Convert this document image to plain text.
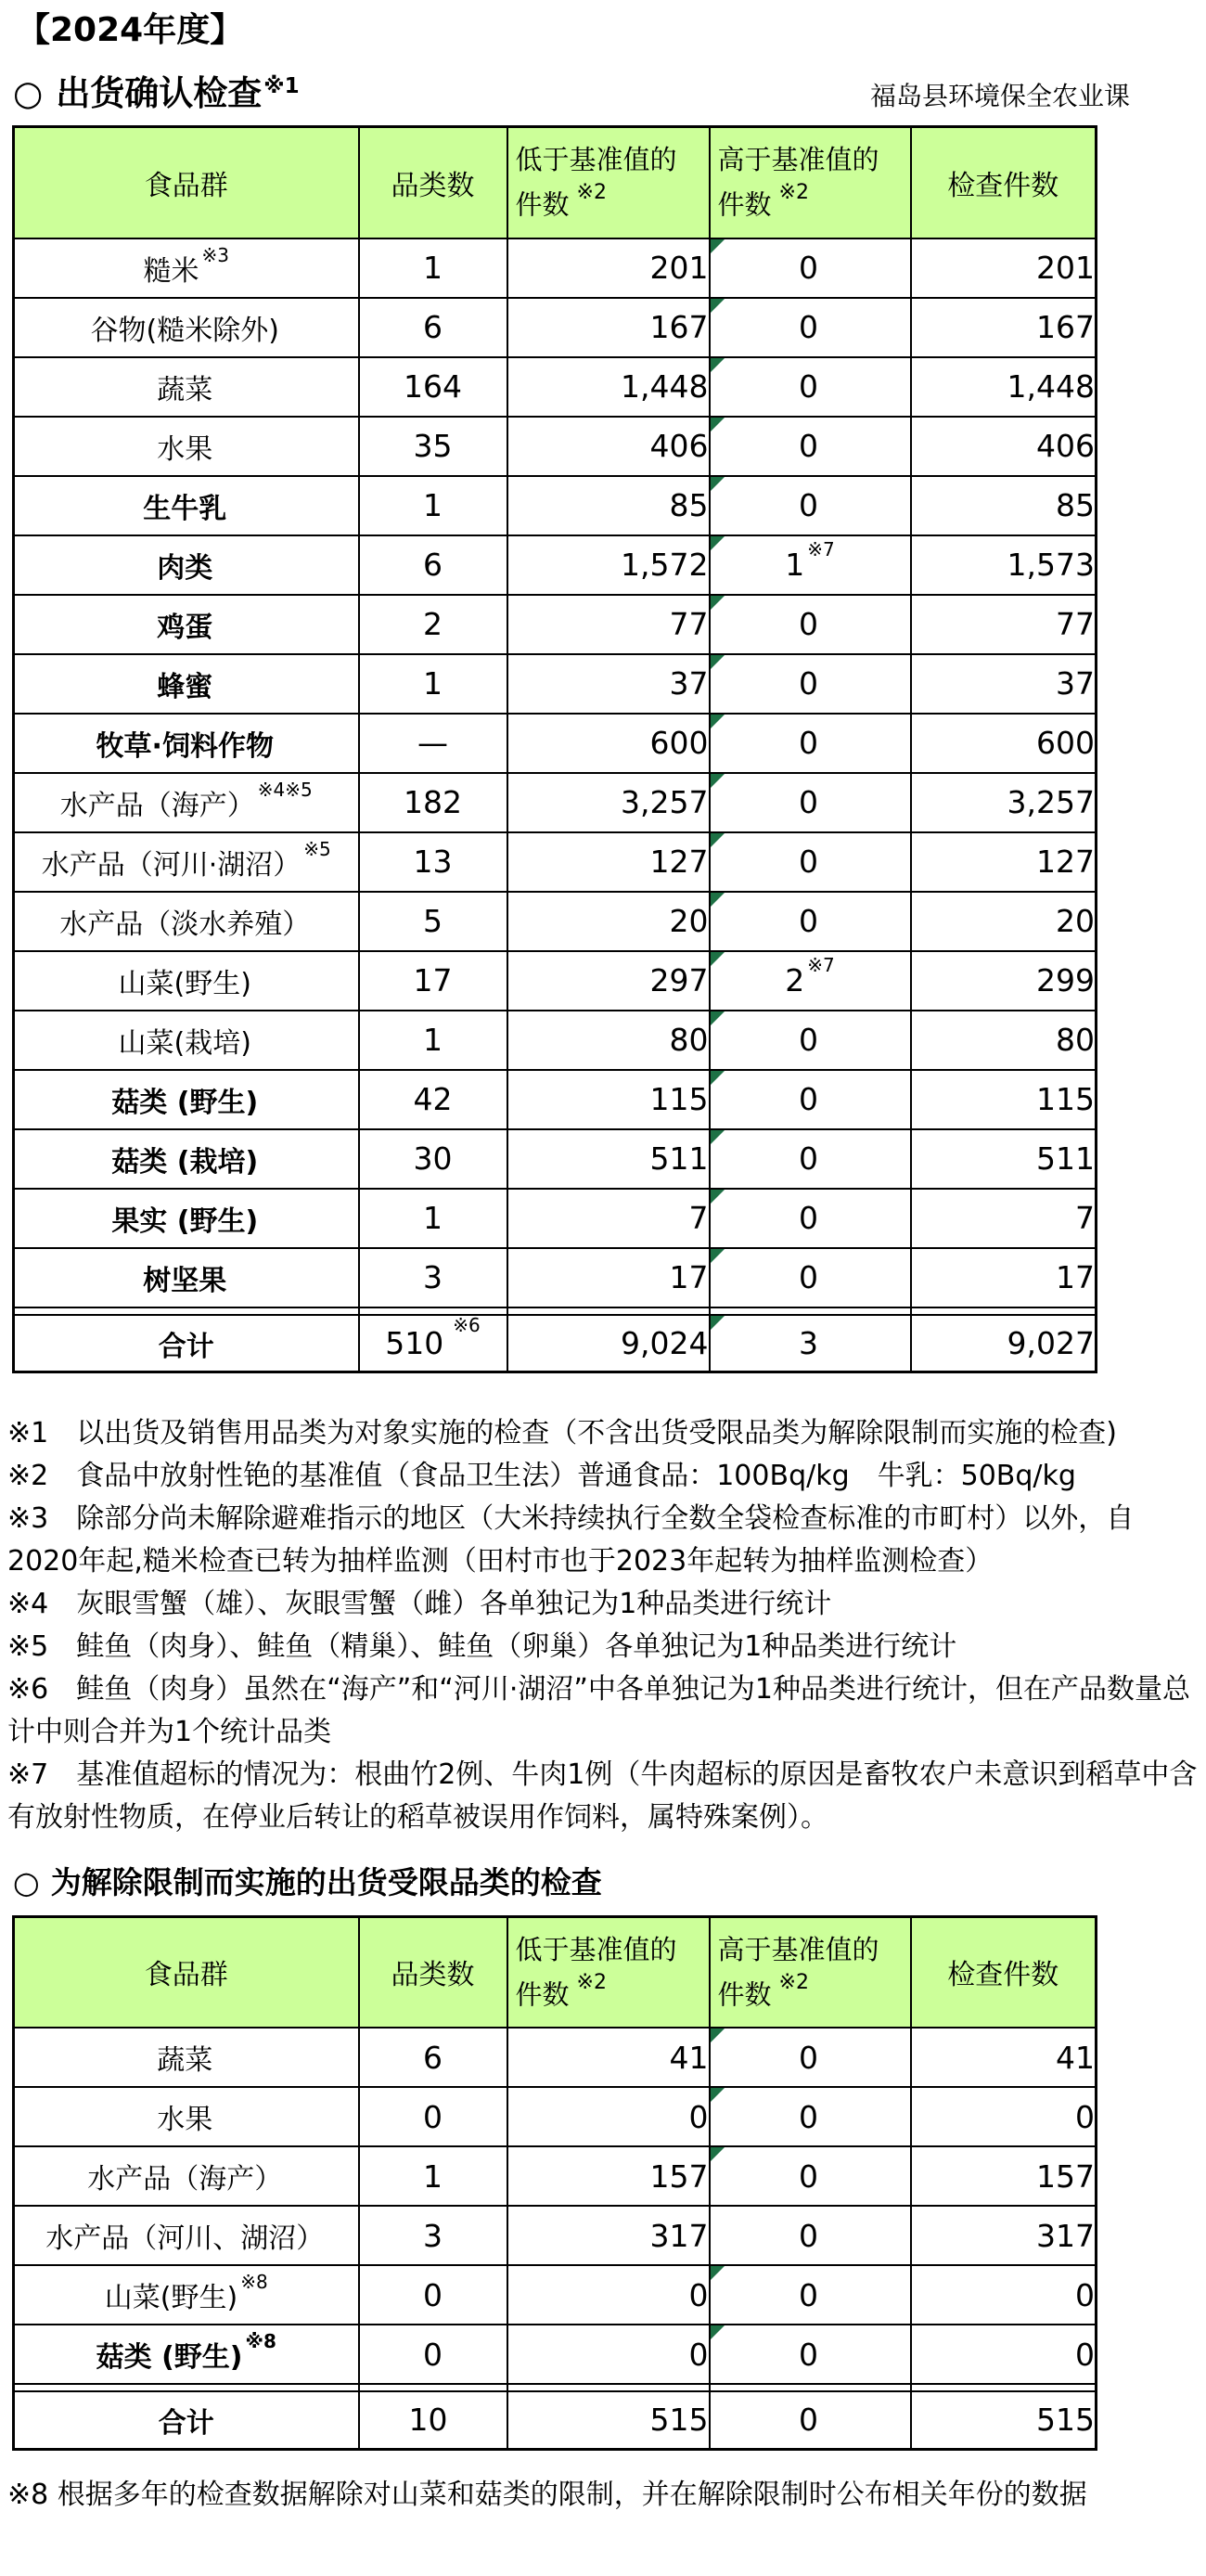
【2024年度】
○ 出货确认检查$^{※1}$	福岛县环境保全农业课
食品群	品类数	低于基准值的
件数 $^{※2}$	高于基准值的
件数 $^{※2}$	检查件数
糙米 $^{※3}$	1	201	0	201
谷物(糙米除外)	6	167	0	167
蔬菜	164	1,448	0	1,448
水果	35	406	0	406
生牛乳	1	85	0	85
肉类	6	1,572	1 $^{※7}$	1,573
鸡蛋	2	77	0	77
蜂蜜	1	37	0	37
牧草·饲料作物	—	600	0	600
水产品（海产） $^{※4※5}$	182	3,257	0	3,257
水产品（河川·湖沼） $^{※5}$	13	127	0	127
水产品（淡水养殖）	5	20	0	20
山菜(野生)	17	297	2 $^{※7}$	299
山菜(栽培)	1	80	0	80
菇类 (野生)	42	115	0	115
菇类 (栽培)	30	511	0	511
果实 (野生)	1	7	0	7
树坚果	3	17	0	17

合计	510 $^{※6}$	9,024	3	9,027

※1　以出货及销售用品类为对象实施的检查（不含出货受限品类为解除限制而实施的检查)

※2　食品中放射性铯的基准值（食品卫生法）普通食品：100Bq/kg　牛乳：50Bq/kg

※3　除部分尚未解除避难指示的地区（大米持续执行全数全袋检查标准的市町村）以外，自2020年起,糙米检查已转为抽样监测（田村市也于2023年起转为抽样监测检查）

※4　灰眼雪蟹（雄）、灰眼雪蟹（雌）各单独记为1种品类进行统计

※5　鲑鱼（肉身）、鲑鱼（精巢）、鲑鱼（卵巢）各单独记为1种品类进行统计

※6　鲑鱼（肉身）虽然在“海产”和“河川·湖沼”中各单独记为1种品类进行统计，但在产品数量总计中则合并为1个统计品类

※7　基准值超标的情况为：根曲竹2例、牛肉1例（牛肉超标的原因是畜牧农户未意识到稻草中含有放射性物质，在停业后转让的稻草被误用作饲料，属特殊案例）。

○ 为解除限制而实施的出货受限品类的检查
食品群	品类数	低于基准值的
件数 $^{※2}$	高于基准值的
件数 $^{※2}$	检查件数
蔬菜	6	41	0	41
水果	0	0	0	0
水产品（海产）	1	157	0	157
水产品（河川、湖沼）	3	317	0	317
山菜(野生) $^{※8}$	0	0	0	0
菇类 (野生) $^{※8}$	0	0	0	0

合计	10	515	0	515

※8 根据多年的检查数据解除对山菜和菇类的限制，并在解除限制时公布相关年份的数据
